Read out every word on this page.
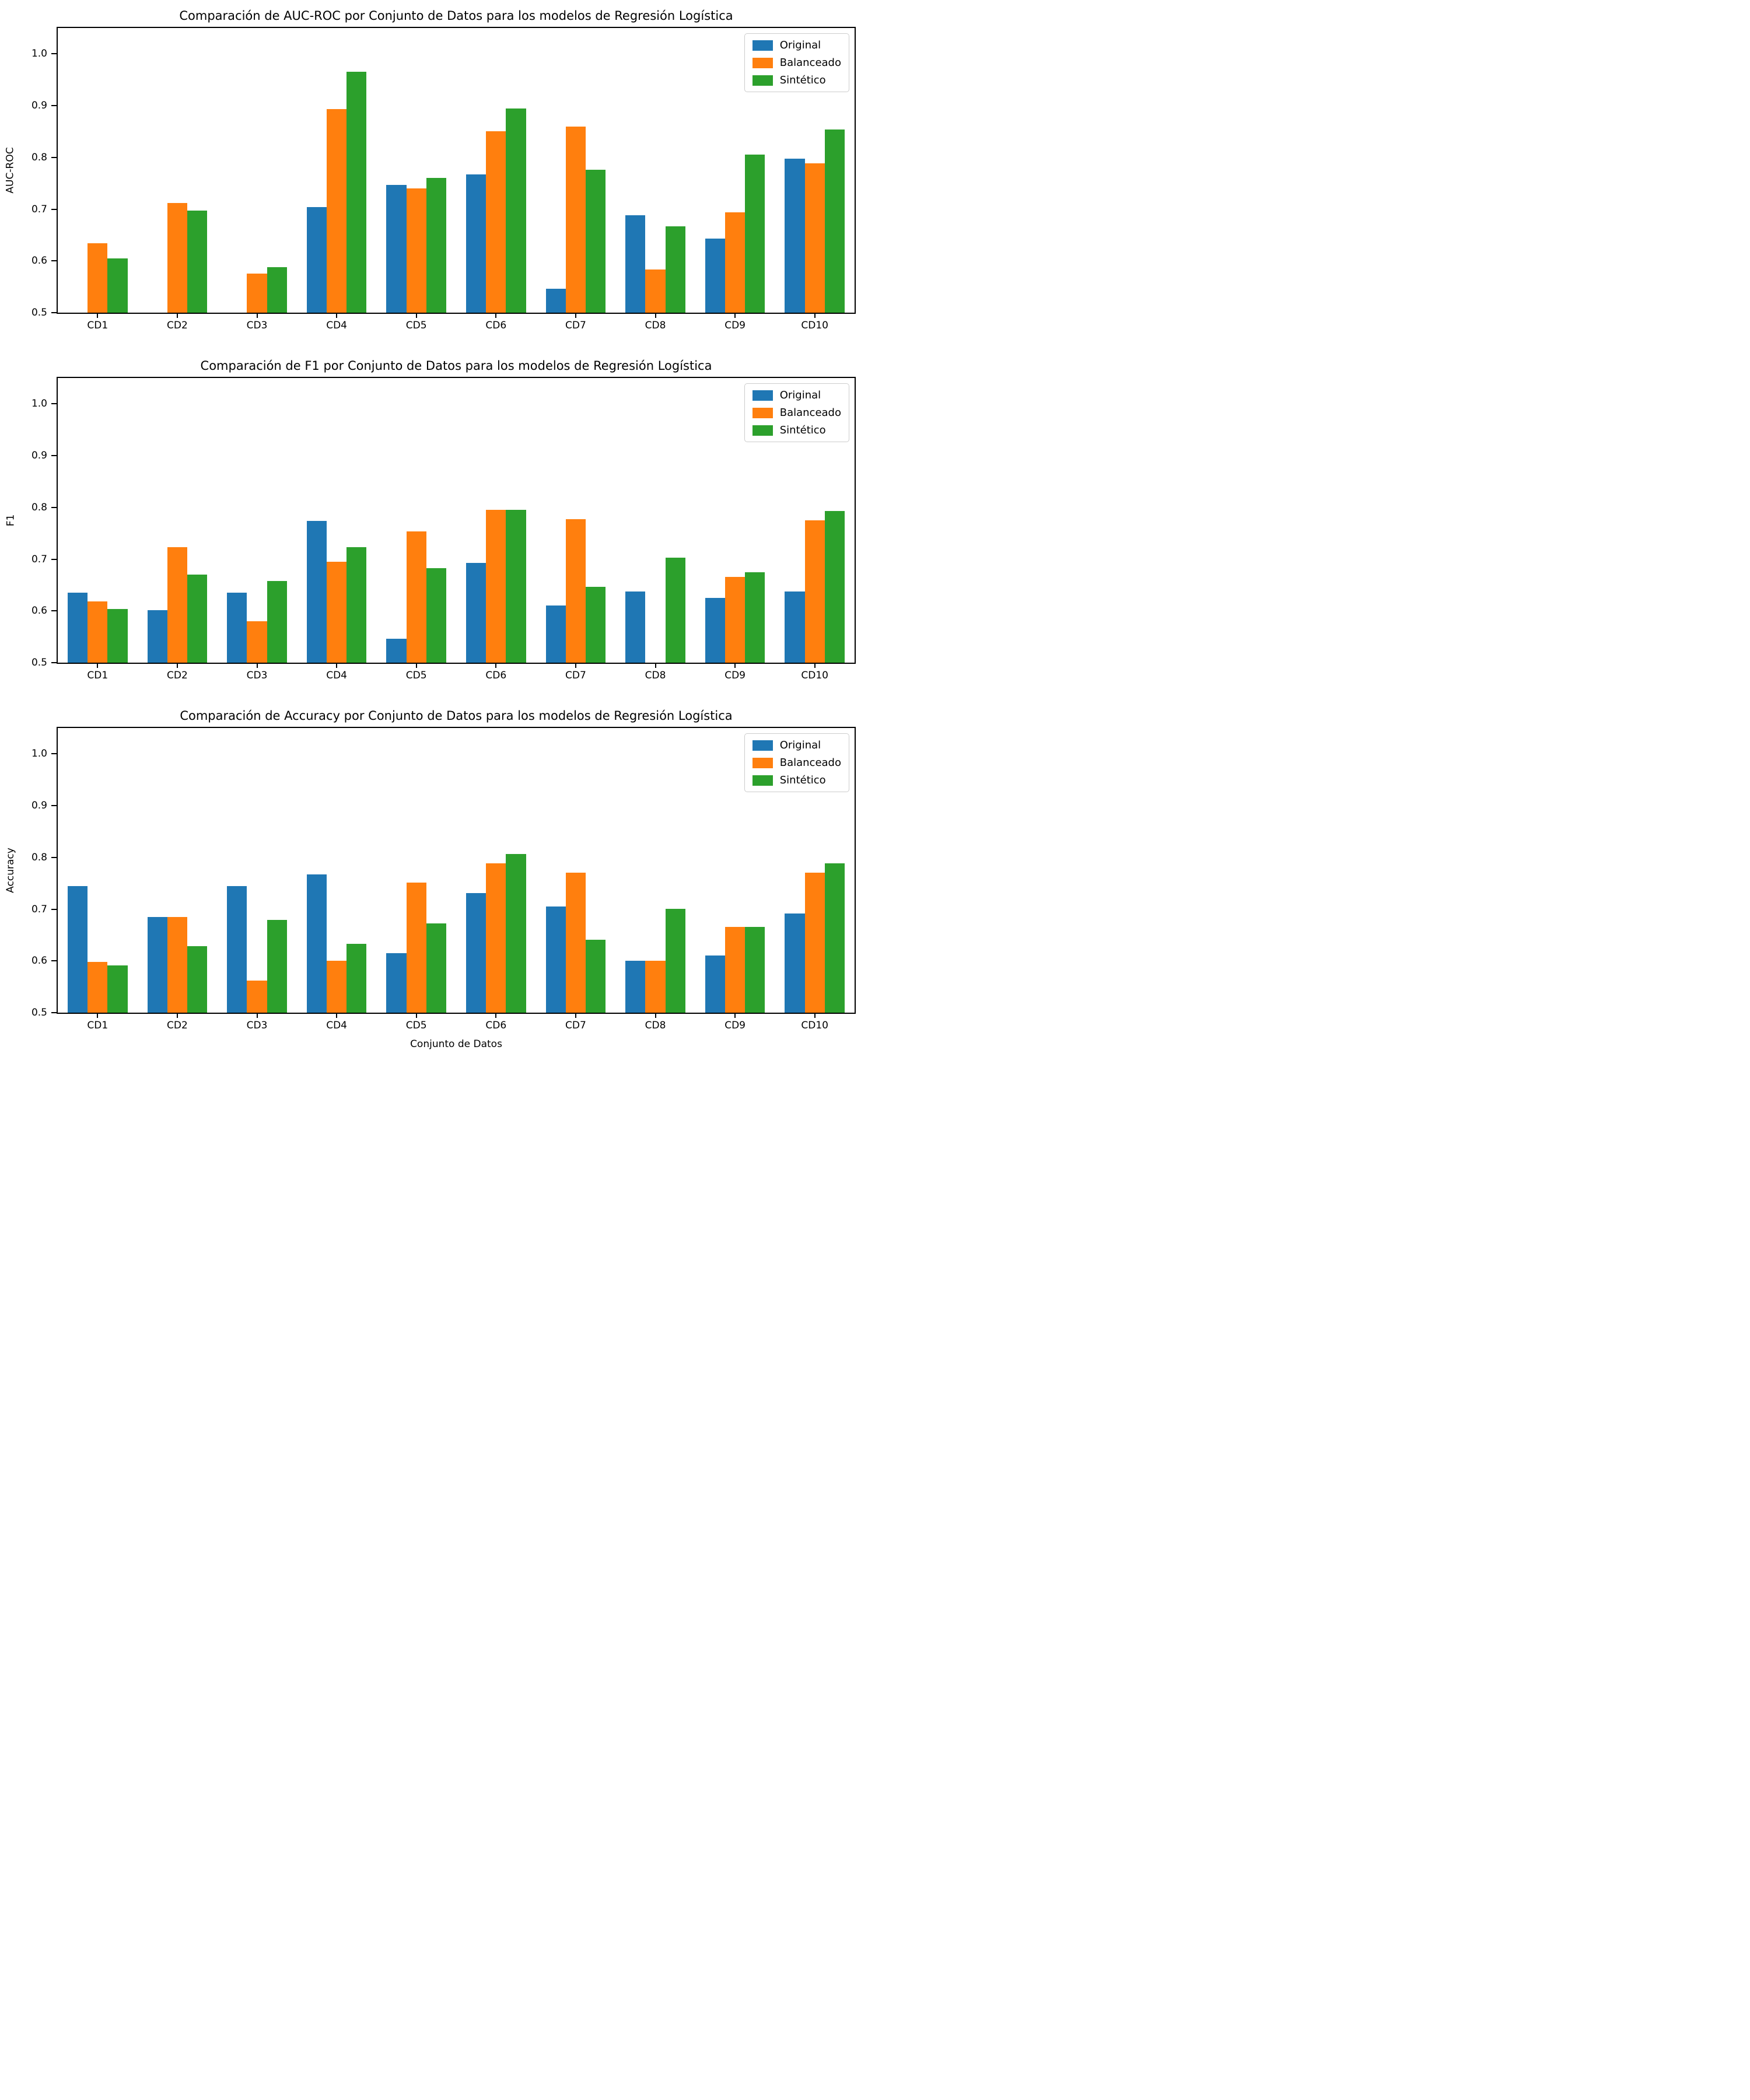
Comparación de AUC-ROC por Conjunto de Datos para los modelos de Regresión Logística
AUC-ROC
0.5
0.6
0.7
0.8
0.9
1.0
CD1	CD2	CD3	CD4	CD5	CD6	CD7	CD8	CD9	CD10
Original
Balanceado
Sintético
Comparación de F1 por Conjunto de Datos para los modelos de Regresión Logística
F1
0.5
0.6
0.7
0.8
0.9
1.0
CD1	CD2	CD3	CD4	CD5	CD6	CD7	CD8	CD9	CD10
Original
Balanceado
Sintético
Comparación de Accuracy por Conjunto de Datos para los modelos de Regresión Logística
Accuracy
0.5
0.6
0.7
0.8
0.9
1.0
CD1	CD2	CD3	CD4	CD5	CD6	CD7	CD8	CD9	CD10
Conjunto de Datos
Original
Balanceado
Sintético
